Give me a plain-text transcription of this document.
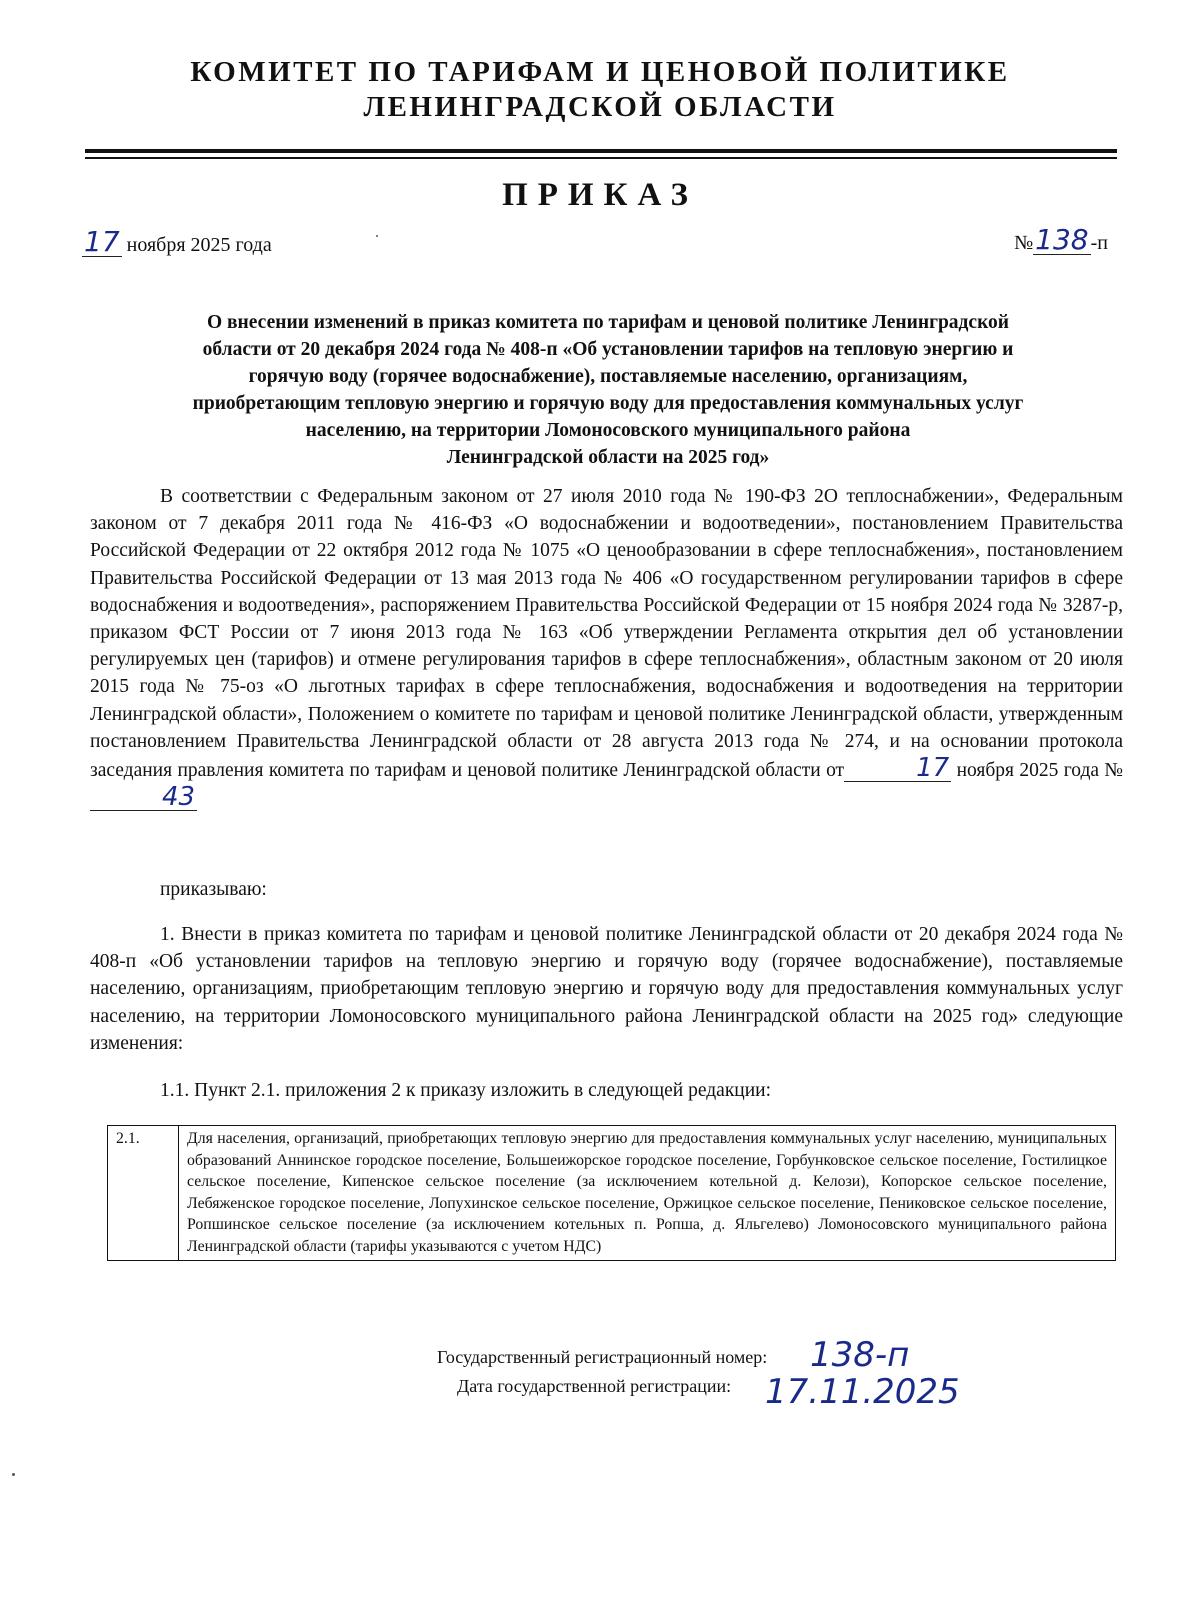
КОМИТЕТ ПО ТАРИФАМ И ЦЕНОВОЙ ПОЛИТИКЕ
ЛЕНИНГРАДСКОЙ ОБЛАСТИ
ПРИКАЗ
17 ноября 2025 года	№138 -п
О внесении изменений в приказ комитета по тарифам и ценовой политике Ленинградской
области от 20 декабря 2024 года № 408-п «Об установлении тарифов на тепловую энергию и
горячую воду (горячее водоснабжение), поставляемые населению, организациям,
приобретающим тепловую энергию и горячую воду для предоставления коммунальных услуг
населению, на территории Ломоносовского муниципального района
Ленинградской области на 2025 год»
В соответствии с Федеральным законом от 27 июля 2010 года № 190-ФЗ 2О теплоснабжении», Федеральным законом от 7 декабря 2011 года № 416-ФЗ «О водоснабжении и водоотведении», постановлением Правительства Российской Федерации от 22 октября 2012 года № 1075 «О ценообразовании в сфере теплоснабжения», постановлением Правительства Российской Федерации от 13 мая 2013 года № 406 «О государственном регулировании тарифов в сфере водоснабжения и водоотведения», распоряжением Правительства Российской Федерации от 15 ноября 2024 года № 3287-р, приказом ФСТ России от 7 июня 2013 года № 163 «Об утверждении Регламента открытия дел об установлении регулируемых цен (тарифов) и отмене регулирования тарифов в сфере теплоснабжения», областным законом от 20 июля 2015 года № 75-оз «О льготных тарифах в сфере теплоснабжения, водоснабжения и водоотведения на территории Ленинградской области», Положением о комитете по тарифам и ценовой политике Ленинградской области, утвержденным постановлением Правительства Ленинградской области от 28 августа 2013 года № 274, и на основании протокола заседания правления комитета по тарифам и ценовой политике Ленинградской области от	17 ноября 2025 года № 43
приказываю:
1. Внести в приказ комитета по тарифам и ценовой политике Ленинградской области от 20 декабря 2024 года № 408-п «Об установлении тарифов на тепловую энергию и горячую воду (горячее водоснабжение), поставляемые населению, организациям, приобретающим тепловую энергию и горячую воду для предоставления коммунальных услуг населению, на территории Ломоносовского муниципального района Ленинградской области на 2025 год» следующие изменения:
1.1. Пункт 2.1. приложения 2 к приказу изложить в следующей редакции:
2.1.	Для населения, организаций, приобретающих тепловую энергию для предоставления коммунальных услуг населению, муниципальных образований Аннинское городское поселение, Большеижорское городское поселение, Горбунковское сельское поселение, Гостилицкое сельское поселение, Кипенское сельское поселение (за исключением котельной д. Келози), Копорское сельское поселение, Лебяженское городское поселение, Лопухинское сельское поселение, Оржицкое сельское поселение, Пениковское сельское поселение, Ропшинское сельское поселение (за исключением котельных п. Ропша, д. Яльгелево) Ломоносовского муниципального района Ленинградской области (тарифы указываются с учетом НДС)
Государственный регистрационный номер: 138-п
Дата государственной регистрации: 17.11.2025
